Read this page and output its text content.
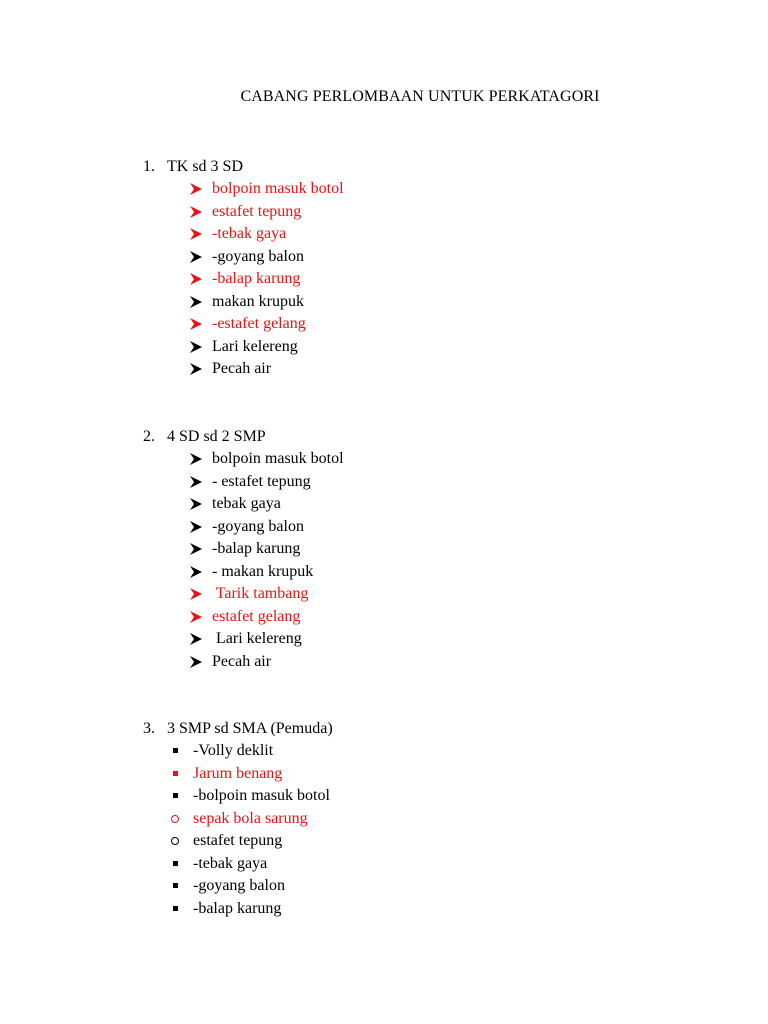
CABANG PERLOMBAAN UNTUK PERKATAGORI
1. TK sd 3 SD
bolpoin masuk botol
estafet tepung
-tebak gaya
-goyang balon
-balap karung
makan krupuk
-estafet gelang
Lari kelereng
Pecah air
2. 4 SD sd 2 SMP
bolpoin masuk botol
- estafet tepung
tebak gaya
-goyang balon
-balap karung
- makan krupuk
Tarik tambang
estafet gelang
Lari kelereng
Pecah air
3. 3 SMP sd SMA (Pemuda)
-Volly deklit
Jarum benang
-bolpoin masuk botol
sepak bola sarung
estafet tepung
-tebak gaya
-goyang balon
-balap karung
